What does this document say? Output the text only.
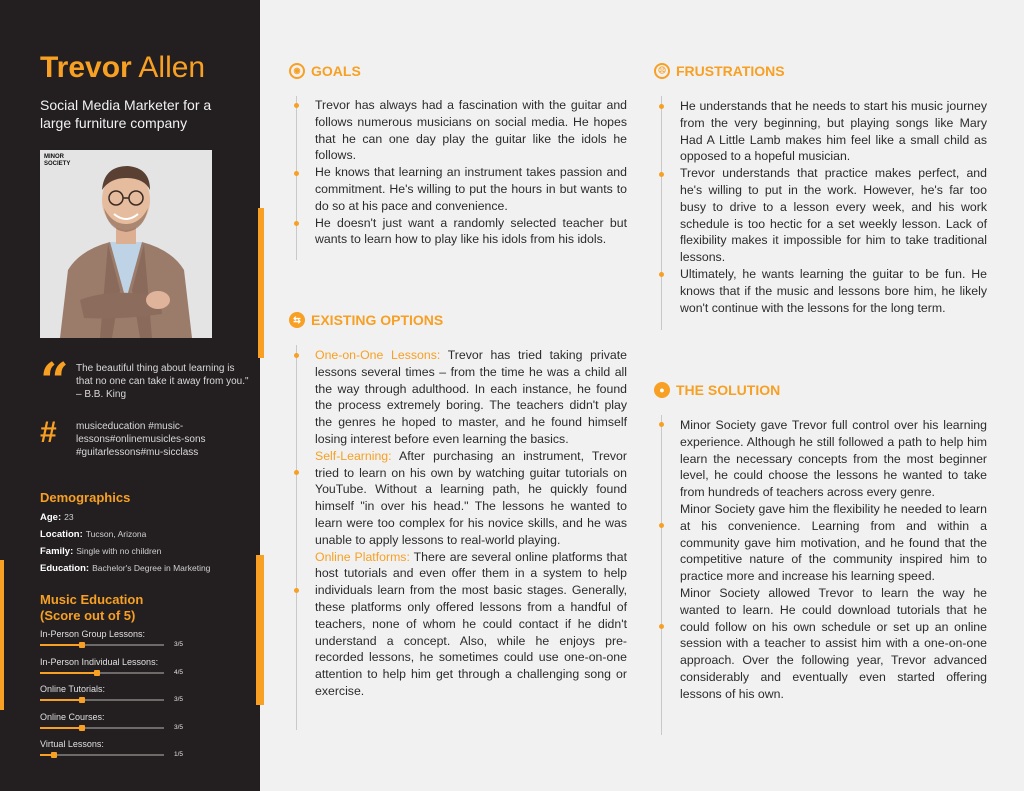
Trevor Allen
Social Media Marketer for a large furniture company
MINOR SOCIETY
“ The beautiful thing about learning is that no one can take it away from you." – B.B. King
# musiceducation #music-lessons#onlinemusicles-sons #guitarlessons#mu-sicclass
Demographics
Age: 23
Location: Tucson, Arizona
Family: Single with no children
Education: Bachelor's Degree in Marketing
Music Education
(Score out of 5)
In-Person Group Lessons:
3/5
In-Person Individual Lessons:
4/5
Online Tutorials:
3/5
Online Courses:
3/5
Virtual Lessons:
1/5
◉ GOALS

Trevor has always had a fascination with the guitar and follows numerous musicians on social media. He hopes that he can one day play the guitar like the idols he follows.

He knows that learning an instrument takes passion and commitment. He's willing to put the hours in but wants to do so at his pace and convenience.

He doesn't just want a randomly selected teacher but wants to learn how to play like his idols from his idols.

⇆ EXISTING OPTIONS

One-on-One Lessons: Trevor has tried taking private lessons several times – from the time he was a child all the way through adulthood. In each instance, he found the process extremely boring. The teachers didn't play the genres he hoped to master, and he found himself losing interest before even learning the basics.

Self-Learning: After purchasing an instrument, Trevor tried to learn on his own by watching guitar tutorials on YouTube. Without a learning path, he quickly found himself "in over his head." The lessons he wanted to learn were too complex for his novice skills, and he was unable to apply lessons to real-world playing.

Online Platforms: There are several online platforms that host tutorials and even offer them in a system to help individuals learn from the most basic stages. Generally, these platforms only offered lessons from a handful of teachers, none of whom he could contact if he didn't understand a concept. Also, while he enjoys pre-recorded lessons, he sometimes could use one-on-one attention to help him get through a challenging song or exercise.

☹ FRUSTRATIONS

He understands that he needs to start his music journey from the very beginning, but playing songs like Mary Had A Little Lamb makes him feel like a small child as opposed to a hopeful musician.

Trevor understands that practice makes perfect, and he's willing to put in the work. However, he's far too busy to drive to a lesson every week, and his work schedule is too hectic for a set weekly lesson. Lack of flexibility makes it impossible for him to take traditional lessons.

Ultimately, he wants learning the guitar to be fun. He knows that if the music and lessons bore him, he likely won't continue with the lessons for the long term.

● THE SOLUTION

Minor Society gave Trevor full control over his learning experience. Although he still followed a path to help him learn the necessary concepts from the most beginner level, he could choose the lessons he wanted to take from hundreds of teachers across every genre.

Minor Society gave him the flexibility he needed to learn at his convenience. Learning from and within a community gave him motivation, and he found that the competitive nature of the community inspired him to practice more and increase his learning speed.

Minor Society allowed Trevor to learn the way he wanted to learn. He could download tutorials that he could follow on his own schedule or set up an online session with a teacher to assist him with a one-on-one approach. Over the following year, Trevor advanced considerably and eventually even started offering lessons of his own.
